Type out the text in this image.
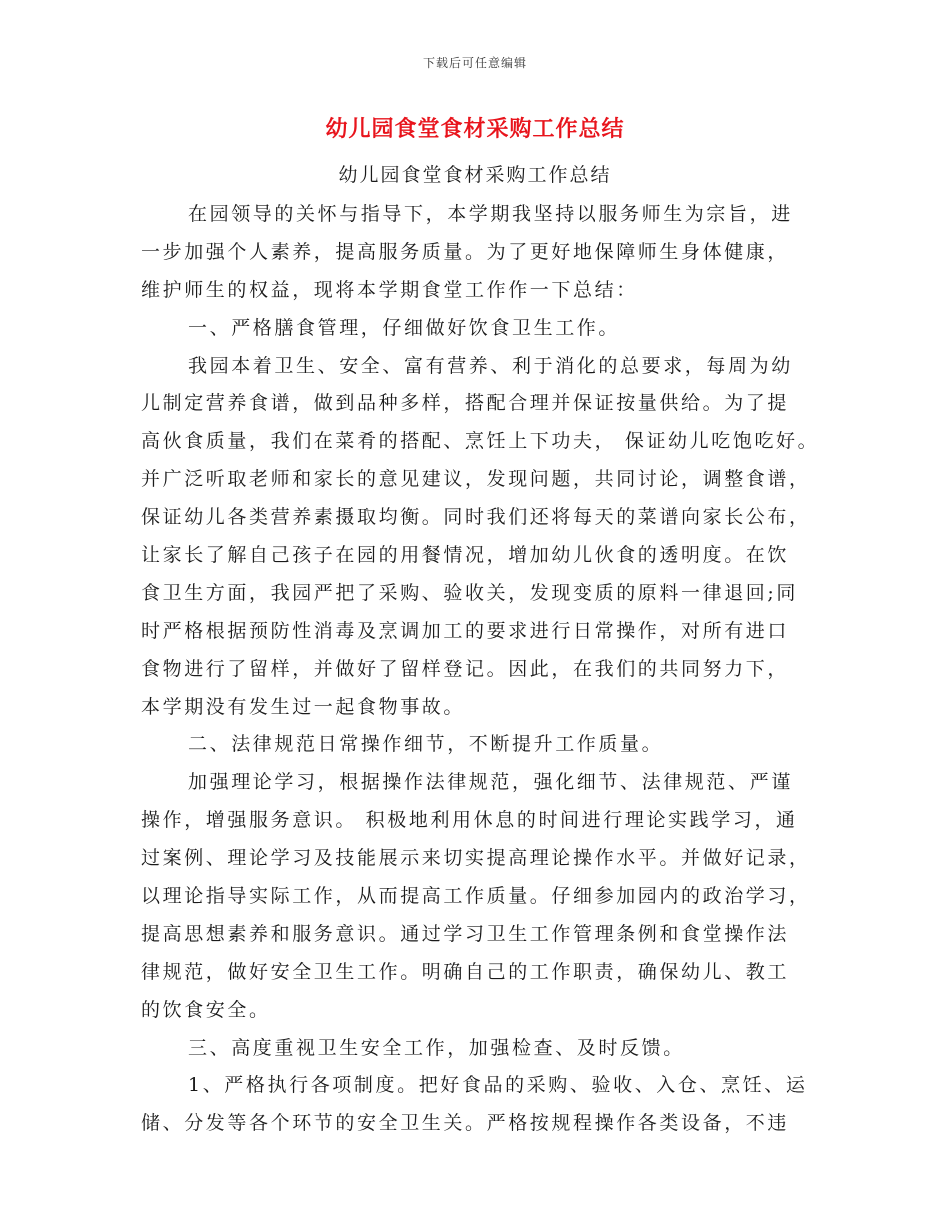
下载后可任意编辑
幼儿园食堂食材采购工作总结
幼儿园食堂食材采购工作总结
在园领导的关怀与指导下，本学期我坚持以服务师生为宗旨，进
一步加强个人素养，提高服务质量。为了更好地保障师生身体健康，
维护师生的权益，现将本学期食堂工作作一下总结：
一、严格膳食管理，仔细做好饮食卫生工作。
我园本着卫生、安全、富有营养、利于消化的总要求，每周为幼
儿制定营养食谱，做到品种多样，搭配合理并保证按量供给。为了提
高伙食质量，我们在菜肴的搭配、烹饪上下功夫， 保证幼儿吃饱吃好。
并广泛听取老师和家长的意见建议，发现问题，共同讨论，调整食谱，
保证幼儿各类营养素摄取均衡。同时我们还将每天的菜谱向家长公布，
让家长了解自己孩子在园的用餐情况，增加幼儿伙食的透明度。在饮
食卫生方面，我园严把了采购、验收关，发现变质的原料一律退回;同
时严格根据预防性消毒及烹调加工的要求进行日常操作，对所有进口
食物进行了留样，并做好了留样登记。因此，在我们的共同努力下，
本学期没有发生过一起食物事故。
二、法律规范日常操作细节，不断提升工作质量。
加强理论学习，根据操作法律规范，强化细节、法律规范、严谨
操作，增强服务意识。 积极地利用休息的时间进行理论实践学习，通
过案例、理论学习及技能展示来切实提高理论操作水平。并做好记录，
以理论指导实际工作，从而提高工作质量。仔细参加园内的政治学习，
提高思想素养和服务意识。通过学习卫生工作管理条例和食堂操作法
律规范，做好安全卫生工作。明确自己的工作职责，确保幼儿、教工
的饮食安全。
三、高度重视卫生安全工作，加强检查、及时反馈。
1、严格执行各项制度。把好食品的采购、验收、入仓、烹饪、运
储、分发等各个环节的安全卫生关。严格按规程操作各类设备，不违
